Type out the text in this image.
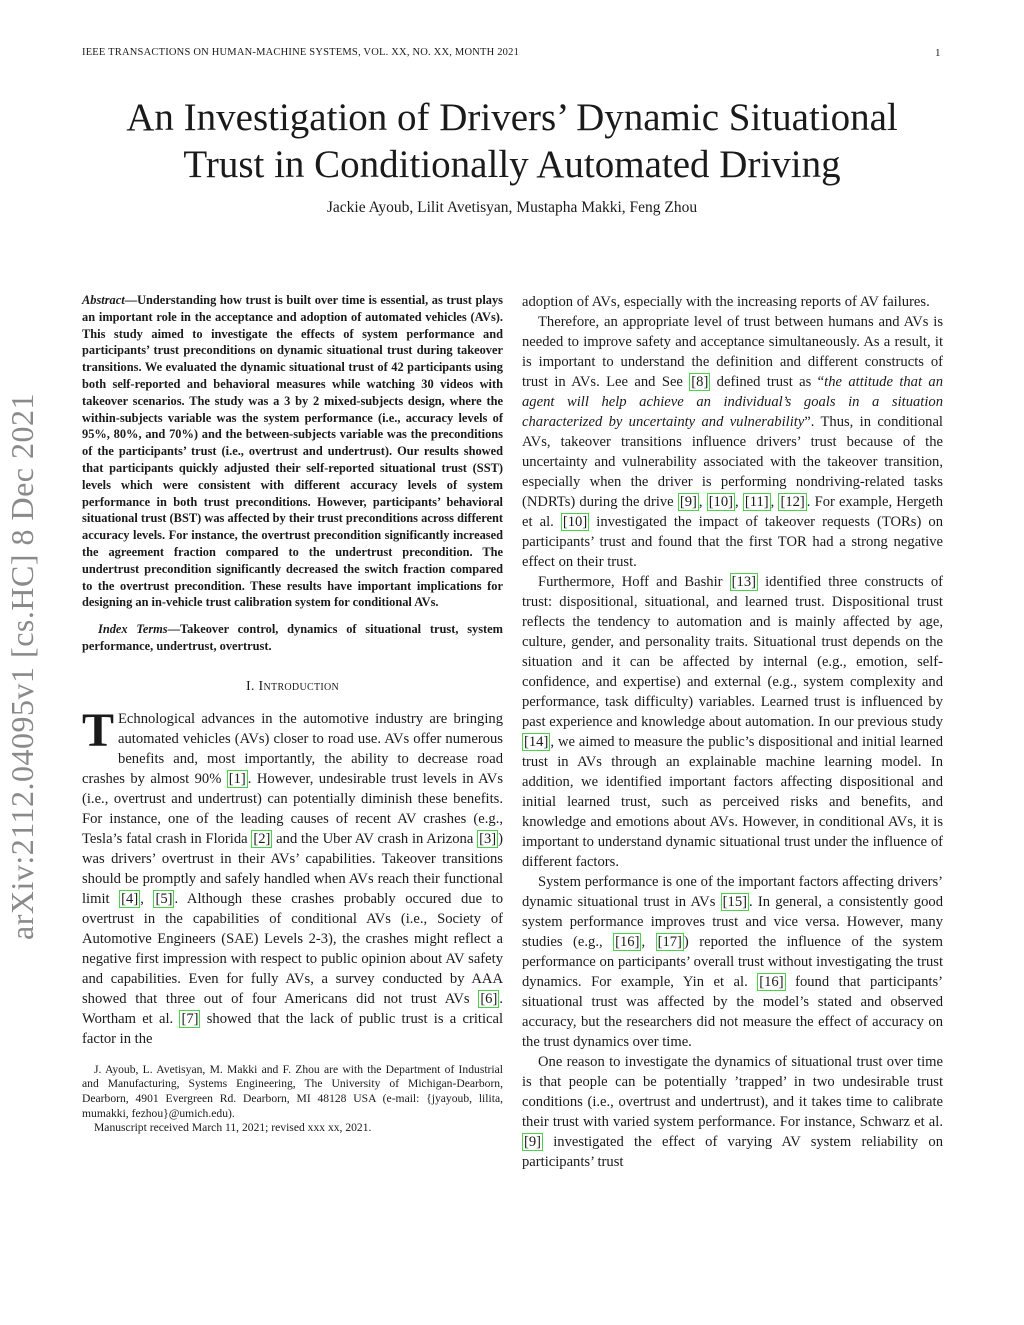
IEEE TRANSACTIONS ON HUMAN-MACHINE SYSTEMS, VOL. XX, NO. XX, MONTH 2021	1
An Investigation of Drivers’ Dynamic Situational
Trust in Conditionally Automated Driving
Jackie Ayoub, Lilit Avetisyan, Mustapha Makki, Feng Zhou
arXiv:2112.04095v1 [cs.HC] 8 Dec 2021

Abstract—Understanding how trust is built over time is essential, as trust plays an important role in the acceptance and adoption of automated vehicles (AVs). This study aimed to investigate the effects of system performance and participants’ trust preconditions on dynamic situational trust during takeover transitions. We evaluated the dynamic situational trust of 42 participants using both self-reported and behavioral measures while watching 30 videos with takeover scenarios. The study was a 3 by 2 mixed-subjects design, where the within-subjects variable was the system performance (i.e., accuracy levels of 95%, 80%, and 70%) and the between-subjects variable was the preconditions of the participants’ trust (i.e., overtrust and undertrust). Our results showed that participants quickly adjusted their self-reported situational trust (SST) levels which were consistent with different accuracy levels of system performance in both trust preconditions. However, participants’ behavioral situational trust (BST) was affected by their trust preconditions across different accuracy levels. For instance, the overtrust precondition significantly increased the agreement fraction compared to the undertrust precondition. The undertrust precondition significantly decreased the switch fraction compared to the overtrust precondition. These results have important implications for designing an in-vehicle trust calibration system for conditional AVs.

Index Terms—Takeover control, dynamics of situational trust, system performance, undertrust, overtrust.

I. Introduction

T Echnological advances in the automotive industry are bringing automated vehicles (AVs) closer to road use. AVs offer numerous benefits and, most importantly, the ability to decrease road crashes by almost 90% [1] . However, undesirable trust levels in AVs (i.e., overtrust and undertrust) can potentially diminish these benefits. For instance, one of the leading causes of recent AV crashes (e.g., Tesla’s fatal crash in Florida [2] and the Uber AV crash in Arizona [3] ) was drivers’ overtrust in their AVs’ capabilities. Takeover transitions should be promptly and safely handled when AVs reach their functional limit [4] , [5] . Although these crashes probably occured due to overtrust in the capabilities of conditional AVs (i.e., Society of Automotive Engineers (SAE) Levels 2-3), the crashes might reflect a negative first impression with respect to public opinion about AV safety and capabilities. Even for fully AVs, a survey conducted by AAA showed that three out of four Americans did not trust AVs [6] . Wortham et al. [7] showed that the lack of public trust is a critical factor in the

J. Ayoub, L. Avetisyan, M. Makki and F. Zhou are with the Department of Industrial and Manufacturing, Systems Engineering, The University of Michigan-Dearborn, Dearborn, 4901 Evergreen Rd. Dearborn, MI 48128 USA (e-mail: {jyayoub, lilita, mumakki, fezhou}@umich.edu).

Manuscript received March 11, 2021; revised xxx xx, 2021.

adoption of AVs, especially with the increasing reports of AV failures.

Therefore, an appropriate level of trust between humans and AVs is needed to improve safety and acceptance simultaneously. As a result, it is important to understand the definition and different constructs of trust in AVs. Lee and See [8] defined trust as “the attitude that an agent will help achieve an individual’s goals in a situation characterized by uncertainty and vulnerability”. Thus, in conditional AVs, takeover transitions influence drivers’ trust because of the uncertainty and vulnerability associated with the takeover transition, especially when the driver is performing nondriving-related tasks (NDRTs) during the drive [9] , [10] , [11] , [12] . For example, Hergeth et al. [10] investigated the impact of takeover requests (TORs) on participants’ trust and found that the first TOR had a strong negative effect on their trust.

Furthermore, Hoff and Bashir [13] identified three constructs of trust: dispositional, situational, and learned trust. Dispositional trust reflects the tendency to automation and is mainly affected by age, culture, gender, and personality traits. Situational trust depends on the situation and it can be affected by internal (e.g., emotion, self-confidence, and expertise) and external (e.g., system complexity and performance, task difficulty) variables. Learned trust is influenced by past experience and knowledge about automation. In our previous study [14] , we aimed to measure the public’s dispositional and initial learned trust in AVs through an explainable machine learning model. In addition, we identified important factors affecting dispositional and initial learned trust, such as perceived risks and benefits, and knowledge and emotions about AVs. However, in conditional AVs, it is important to understand dynamic situational trust under the influence of different factors.

System performance is one of the important factors affecting drivers’ dynamic situational trust in AVs [15] . In general, a consistently good system performance improves trust and vice versa. However, many studies (e.g., [16] , [17] ) reported the influence of the system performance on participants’ overall trust without investigating the trust dynamics. For example, Yin et al. [16] found that participants’ situational trust was affected by the model’s stated and observed accuracy, but the researchers did not measure the effect of accuracy on the trust dynamics over time.

One reason to investigate the dynamics of situational trust over time is that people can be potentially ’trapped’ in two undesirable trust conditions (i.e., overtrust and undertrust), and it takes time to calibrate their trust with varied system performance. For instance, Schwarz et al. [9] investigated the effect of varying AV system reliability on participants’ trust
